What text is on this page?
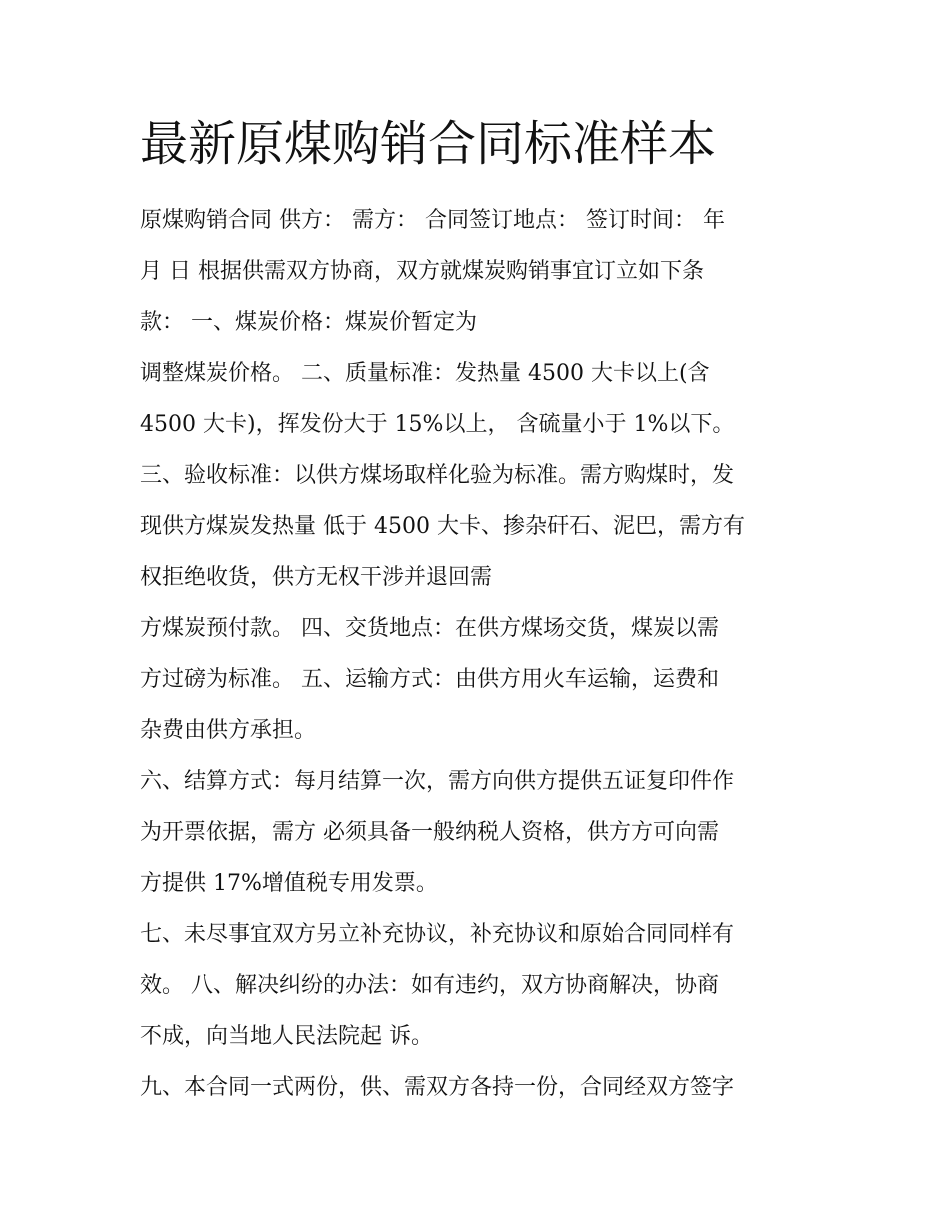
最新原煤购销合同标准样本

原煤购销合同 供方： 需方： 合同签订地点： 签订时间： 年

月 日 根据供需双方协商，双方就煤炭购销事宜订立如下条

款： 一、煤炭价格：煤炭价暂定为

调整煤炭价格。 二、质量标准：发热量 4500 大卡以上(含

4500 大卡)，挥发份大于 15%以上， 含硫量小于 1%以下。

三、验收标准：以供方煤场取样化验为标准。需方购煤时，发

现供方煤炭发热量 低于 4500 大卡、掺杂矸石、泥巴，需方有

权拒绝收货，供方无权干涉并退回需

方煤炭预付款。 四、交货地点：在供方煤场交货，煤炭以需

方过磅为标准。 五、运输方式：由供方用火车运输，运费和

杂费由供方承担。

六、结算方式：每月结算一次，需方向供方提供五证复印件作

为开票依据，需方 必须具备一般纳税人资格，供方方可向需

方提供 17%增值税专用发票。

七、未尽事宜双方另立补充协议，补充协议和原始合同同样有

效。 八、解决纠纷的办法：如有违约，双方协商解决，协商

不成，向当地人民法院起 诉。

九、本合同一式两份，供、需双方各持一份，合同经双方签字
